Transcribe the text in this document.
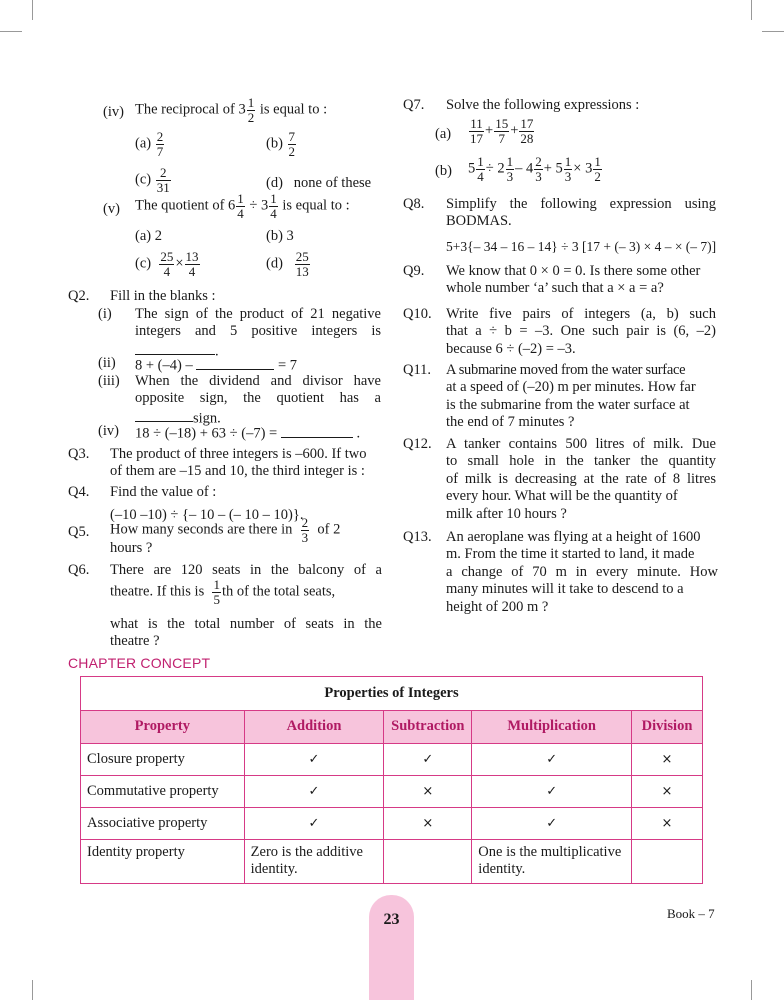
(iv) The reciprocal of $3 \frac{1}{2}$ is equal to :
$(a) \frac{2}{7}$	$(b) \frac{7}{2}$
$(c) \frac{2}{31}$	(d) none of these
(v) The quotient of $6 \frac{1}{4} \div 3 \frac{1}{4}$ is equal to :
(a) 2	(b) 3
$(c) \frac{25}{4} \times \frac{13}{4}$	$(d) \frac{25}{13}$
Q2. Fill in the blanks :
(i) The sign of the product of 21 negative
integers and 5 positive integers is
.
(ii) 8 + (–4) –	= 7
(iii) When the dividend and divisor have
opposite sign, the quotient has a
sign.
(iv) 18 ÷ (–18) + 63 ÷ (–7) =	.
Q3. The product of three integers is –600. If two
of them are –15 and 10, the third integer is :
Q4. Find the value of :
(–10 –10) ÷ {– 10 – (– 10 – 10)}.
Q5. How many seconds are there in $\frac{2}{3}$ of 2
hours ?
Q6. There are 120 seats in the balcony of a
theatre. If this is $\frac{1}{5}$ th of the total seats,
what is the total number of seats in the
theatre ?
Q7. Solve the following expressions :
$(a) \frac{11}{17} + \frac{15}{7} + \frac{17}{28}$
(b) $5 \frac{1}{4} \div 2 \frac{1}{3} - 4 \frac{2}{3} + 5 \frac{1}{3} \times 3 \frac{1}{2}$
Q8. Simplify the following expression using
BODMAS.
5+3{– 34 – 16 – 14} ÷ 3 [17 + (– 3) × 4 – × (– 7)]
Q9. We know that 0 × 0 = 0. Is there some other
whole number ‘a’ such that a × a = a?
Q10. Write five pairs of integers (a, b) such
that a ÷ b = –3. One such pair is (6, –2)
because 6 ÷ (–2) = –3.
Q11. A submarine moved from the water surface
at a speed of (–20) m per minutes. How far
is the submarine from the water surface at
the end of 7 minutes ?
Q12. A tanker contains 500 litres of milk. Due
to small hole in the tanker the quantity
of milk is decreasing at the rate of 8 litres
every hour. What will be the quantity of
milk after 10 hours ?
Q13. An aeroplane was flying at a height of 1600
m. From the time it started to land, it made
a change of 70 m in every minute. How
many minutes will it take to descend to a
height of 200 m ?
CHAPTER CONCEPT
Properties of Integers				
Property	Addition	Subtraction	Multiplication	Division
Closure property	✓	✓	✓	×
Commutative property	✓	×	✓	×
Associative property	✓	×	✓	×
Identity property	Zero is the additive identity.		One is the multiplicative identity.	
23	Book – 7
